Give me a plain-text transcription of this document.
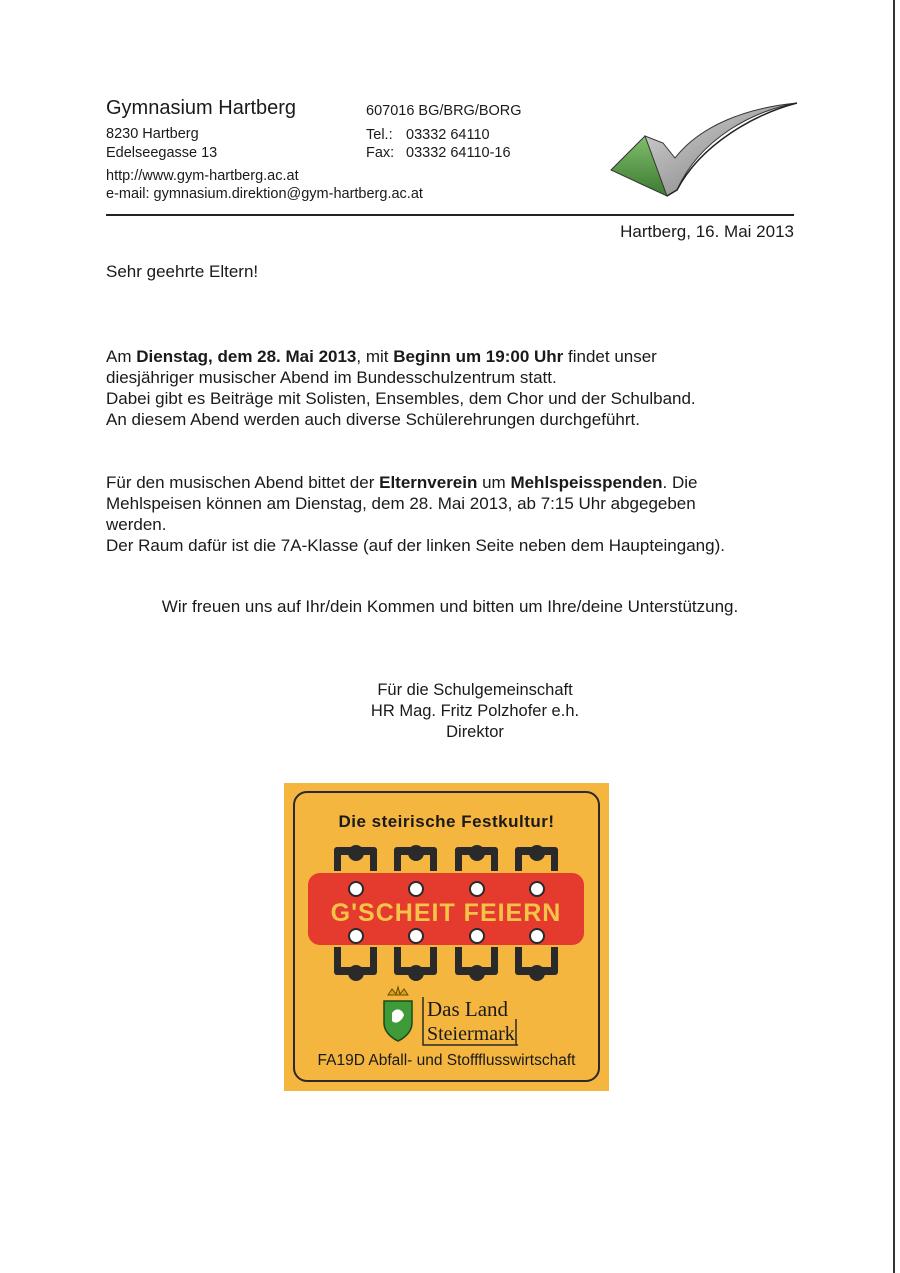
Gymnasium Hartberg
8230 Hartberg
Edelseegasse 13
http://www.gym-hartberg.ac.at
e-mail: gymnasium.direktion@gym-hartberg.ac.at
607016 BG/BRG/BORG
Tel.: 03332 64110
Fax: 03332 64110-16
Hartberg, 16. Mai 2013
Sehr geehrte Eltern!
Am Dienstag, dem 28. Mai 2013, mit Beginn um 19:00 Uhr findet unser
diesjähriger musischer Abend im Bundesschulzentrum statt.
Dabei gibt es Beiträge mit Solisten, Ensembles, dem Chor und der Schulband.
An diesem Abend werden auch diverse Schülerehrungen durchgeführt.
Für den musischen Abend bittet der Elternverein um Mehlspeisspenden. Die
Mehlspeisen können am Dienstag, dem 28. Mai 2013, ab 7:15 Uhr abgegeben
werden.
Der Raum dafür ist die 7A-Klasse (auf der linken Seite neben dem Haupteingang).
Wir freuen uns auf Ihr/dein Kommen und bitten um Ihre/deine Unterstützung.
Für die Schulgemeinschaft
HR Mag. Fritz Polzhofer e.h.
Direktor
Die steirische Festkultur!
G'SCHEIT FEIERN
Das Land
Steiermark
FA19D Abfall- und Stoffflusswirtschaft
